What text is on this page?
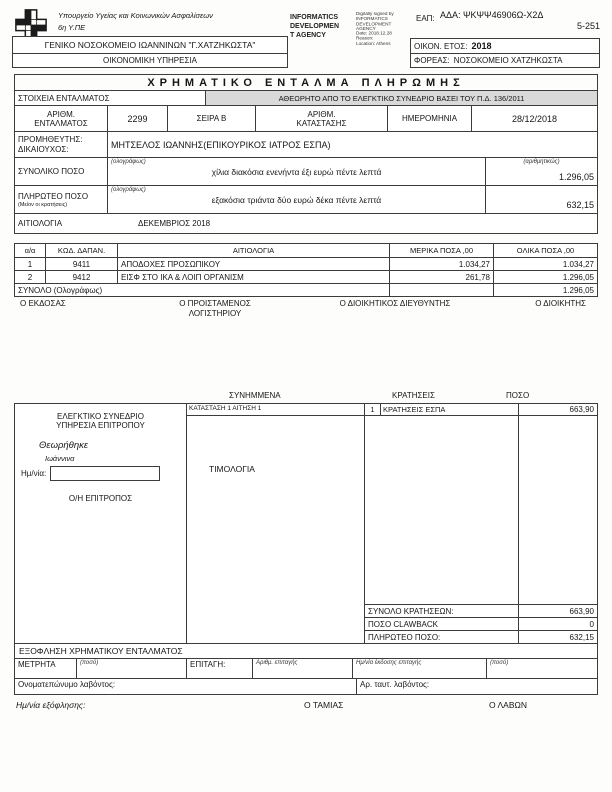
Υπουργείο Υγείας και Κοινωνικών Ασφαλίσεων
6η Υ.ΠΕ
ΓΕΝΙΚΟ ΝΟΣΟΚΟΜΕΙΟ ΙΩΑΝΝΙΝΩΝ "Γ.ΧΑΤΖΗΚΩΣΤΑ"
ΟΙΚΟΝΟΜΙΚΗ ΥΠΗΡΕΣΙΑ
INFORMATICS
DEVELOPMEN
T AGENCY
Digitally signed by
INFORMATICS
DEVELOPMENT AGENCY
Date: 2018.12.28
Reason:
Location: Athens
ΕΑΠ: ΑΔΑ: ΨΚΨΨ46906Ω-Χ2Δ
5-251
ΟΙΚΟΝ. ΕΤΟΣ: 2018
ΦΟΡΕΑΣ: ΝΟΣΟΚΟΜΕΙΟ ΧΑΤΖΗΚΩΣΤΑ
ΧΡΗΜΑΤΙΚΟ ΕΝΤΑΛΜΑ ΠΛΗΡΩΜΗΣ
ΣΤΟΙΧΕΙΑ ΕΝΤΑΛΜΑΤΟΣ	ΑΘΕΩΡΗΤΟ ΑΠΟ ΤΟ ΕΛΕΓΚΤΙΚΟ ΣΥΝΕΔΡΙΟ ΒΑΣΕΙ ΤΟΥ Π.Δ. 136/2011
ΑΡΙΘΜ. ΕΝΤΑΛΜΑΤΟΣ	2299	ΣΕΙΡΑ Β	ΑΡΙΘΜ. ΚΑΤΑΣΤΑΣΗΣ	ΗΜΕΡΟΜΗΝΙΑ	28/12/2018
ΠΡΟΜΗΘΕΥΤΗΣ:
ΔΙΚΑΙΟΥΧΟΣ:	ΜΗΤΣΕΛΟΣ ΙΩΑΝΝΗΣ(ΕΠΙΚΟΥΡΙΚΟΣ ΙΑΤΡΟΣ ΕΣΠΑ)
ΣΥΝΟΛΙΚΟ ΠΟΣΟ
(ολογράφως)
χίλια διακόσια ενενήντα έξι ευρώ πέντε λεπτά
(αριθμητικώς)
1.296,05
ΠΛΗΡΩΤΕΟ ΠΟΣΟ
(Μείον οι κρατήσεις)
(ολογράφως)
εξακόσια τριάντα δύο ευρώ δέκα πέντε λεπτά
632,15
ΑΙΤΙΟΛΟΓΙΑ	ΔΕΚΕΜΒΡΙΟΣ 2018
α/α	ΚΩΔ. ΔΑΠΑΝ.	ΑΙΤΙΟΛΟΓΙΑ	ΜΕΡΙΚΑ ΠΟΣΑ ,00	ΟΛΙΚΑ ΠΟΣΑ ,00
1	9411	ΑΠΟΔΟΧΕΣ ΠΡΟΣΩΠΙΚΟΥ	1.034,27	1.034,27
2	9412	ΕΙΣΦ ΣΤΟ ΙΚΑ & ΛΟΙΠ ΟΡΓΑΝΙΣΜ	261,78	1.296,05
ΣΥΝΟΛΟ (Ολογράφως)	1.296,05
Ο ΕΚΔΟΣΑΣ	Ο ΠΡΟΙΣΤΑΜΕΝΟΣ ΛΟΓΙΣΤΗΡΙΟΥ
Ο ΔΙΟΙΚΗΤΙΚΟΣ ΔΙΕΥΘΥΝΤΗΣ	Ο ΔΙΟΙΚΗΤΗΣ
ΣΥΝΗΜΜΕΝΑ	ΚΡΑΤΗΣΕΙΣ	ΠΟΣΟ
ΕΛΕΓΚΤΙΚΟ ΣΥΝΕΔΡΙΟ
ΥΠΗΡΕΣΙΑ ΕΠΙΤΡΟΠΟΥ
Θεωρήθηκε
Ιωάννινα
Ημ/νία:
Ο/Η ΕΠΙΤΡΟΠΟΣ
ΚΑΤΑΣΤΑΣΗ 1 ΑΙΤΗΣΗ 1
ΤΙΜΟΛΟΓΙΑ
1	ΚΡΑΤΗΣΕΙΣ ΕΣΠΑ	663,90
ΣΥΝΟΛΟ ΚΡΑΤΗΣΕΩΝ:	663,90
ΠΟΣΟ CLAWBACK	0
ΠΛΗΡΩΤΕΟ ΠΟΣΟ:	632,15
ΕΞΟΦΛΗΣΗ ΧΡΗΜΑΤΙΚΟΥ ΕΝΤΑΛΜΑΤΟΣ
ΜΕΤΡΗΤΑ	(ποσό)	ΕΠΙΤΑΓΗ:	Αριθμ. επιταγής	Ημ/νία έκδοσης επιταγής	(ποσό)
Ονοματεπώνυμο λαβόντος:	Αρ. ταυτ. λαβόντος:
Ημ/νία εξόφλησης:	Ο ΤΑΜΙΑΣ	Ο ΛΑΒΩΝ
